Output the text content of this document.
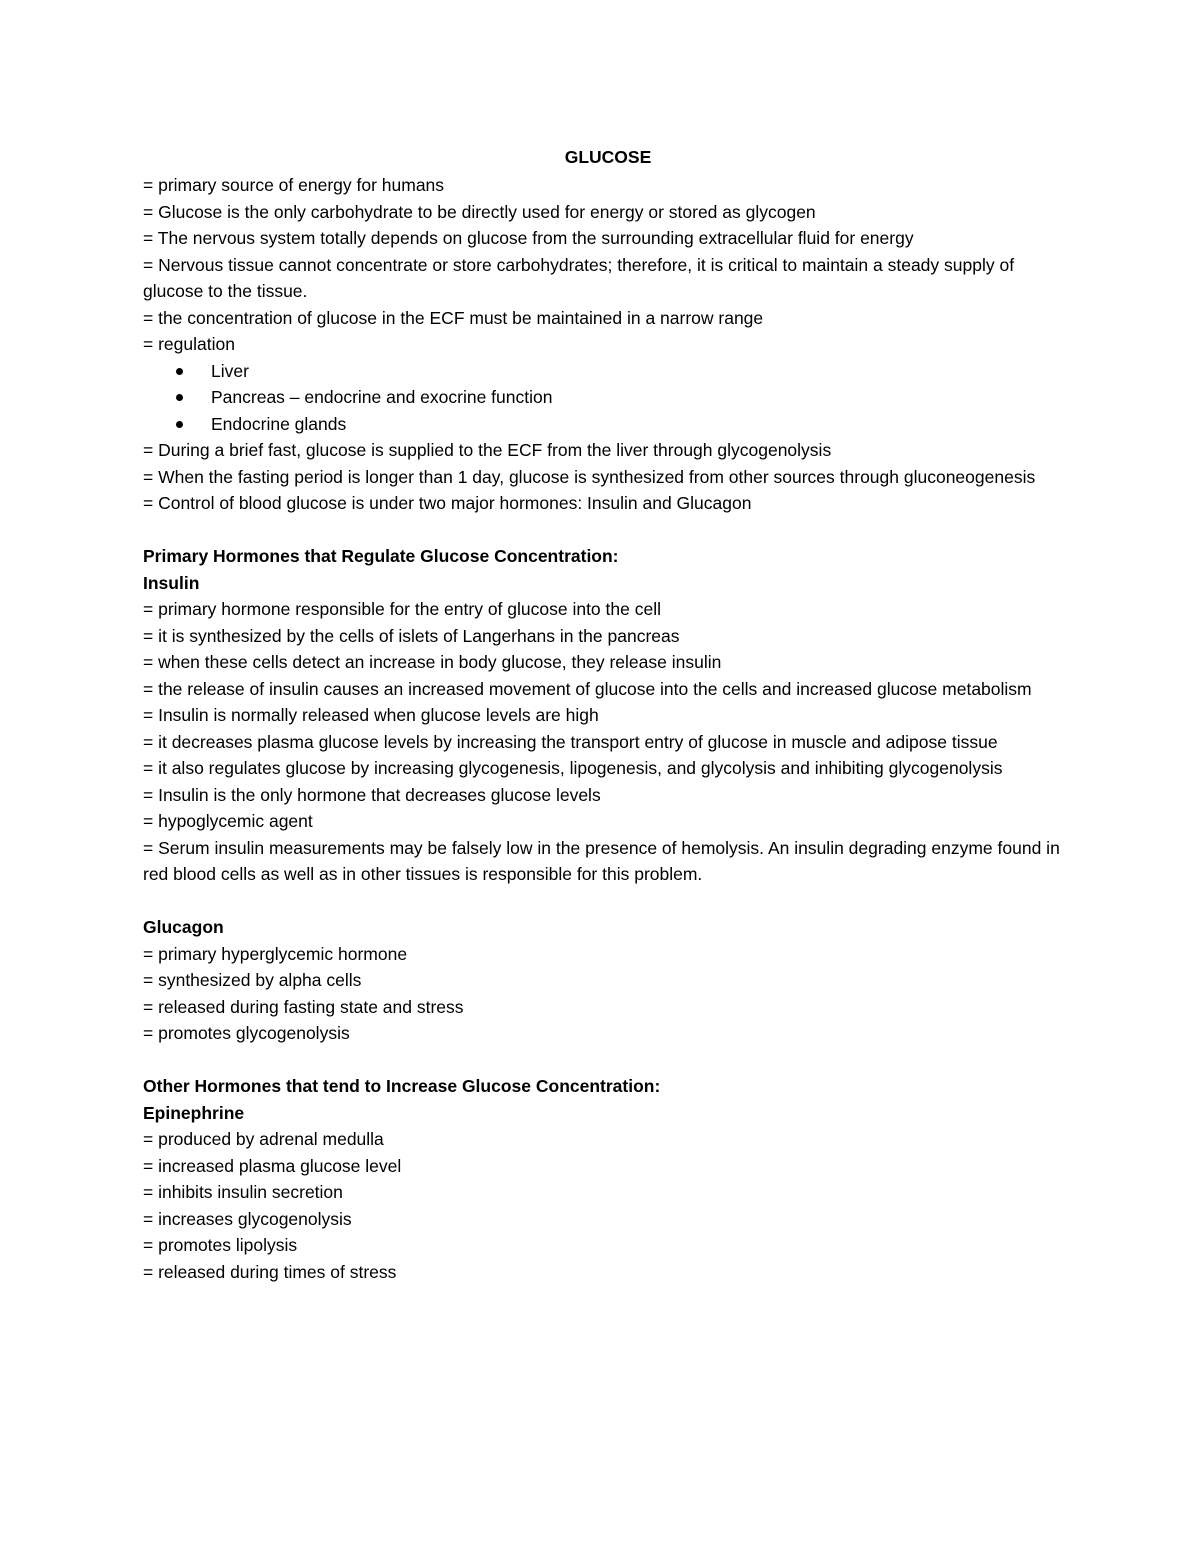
GLUCOSE

= primary source of energy for humans

= Glucose is the only carbohydrate to be directly used for energy or stored as glycogen

= The nervous system totally depends on glucose from the surrounding extracellular fluid for energy

= Nervous tissue cannot concentrate or store carbohydrates; therefore, it is critical to maintain a steady supply of glucose to the tissue.

= the concentration of glucose in the ECF must be maintained in a narrow range

= regulation

Liver
Pancreas – endocrine and exocrine function
Endocrine glands

= During a brief fast, glucose is supplied to the ECF from the liver through glycogenolysis

= When the fasting period is longer than 1 day, glucose is synthesized from other sources through gluconeogenesis

= Control of blood glucose is under two major hormones: Insulin and Glucagon

Primary Hormones that Regulate Glucose Concentration:

Insulin

= primary hormone responsible for the entry of glucose into the cell

= it is synthesized by the cells of islets of Langerhans in the pancreas

= when these cells detect an increase in body glucose, they release insulin

= the release of insulin causes an increased movement of glucose into the cells and increased glucose metabolism

= Insulin is normally released when glucose levels are high

= it decreases plasma glucose levels by increasing the transport entry of glucose in muscle and adipose tissue

= it also regulates glucose by increasing glycogenesis, lipogenesis, and glycolysis and inhibiting glycogenolysis

= Insulin is the only hormone that decreases glucose levels

= hypoglycemic agent

= Serum insulin measurements may be falsely low in the presence of hemolysis. An insulin degrading enzyme found in red blood cells as well as in other tissues is responsible for this problem.

Glucagon

= primary hyperglycemic hormone

= synthesized by alpha cells

= released during fasting state and stress

= promotes glycogenolysis

Other Hormones that tend to Increase Glucose Concentration:

Epinephrine

= produced by adrenal medulla

= increased plasma glucose level

= inhibits insulin secretion

= increases glycogenolysis

= promotes lipolysis

= released during times of stress
